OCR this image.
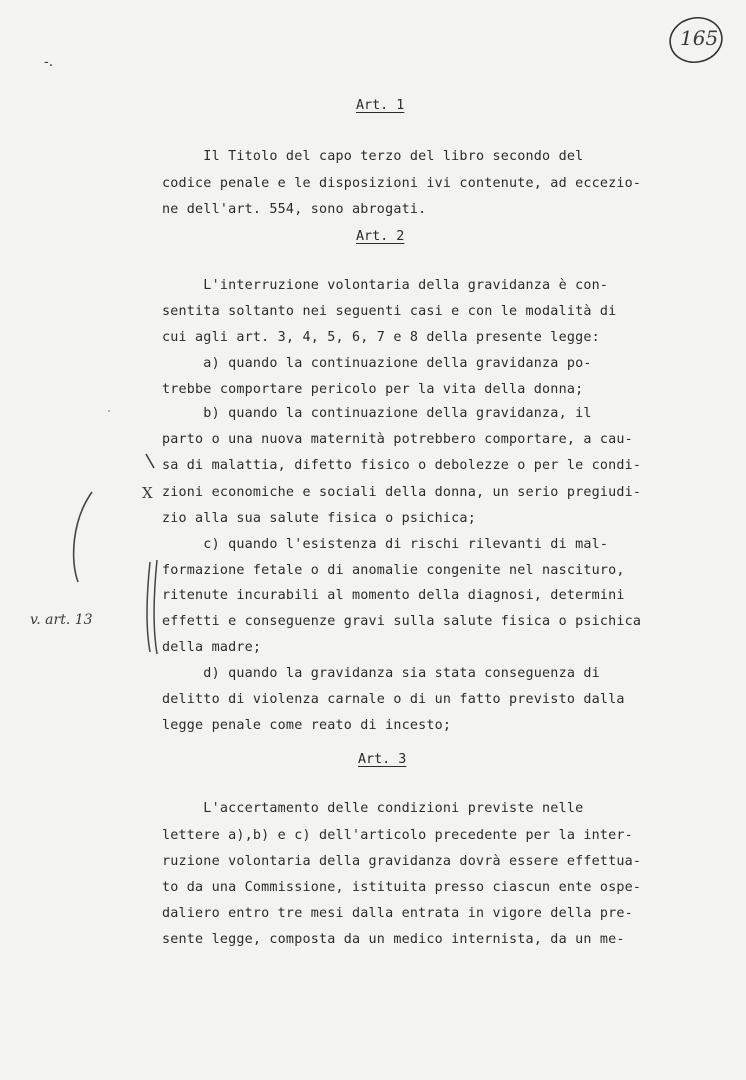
165
-.
X
v. art. 13
Art. 1
Il Titolo del capo terzo del libro secondo del
codice penale e le disposizioni ivi contenute, ad eccezio-
ne dell'art. 554, sono abrogati.
Art. 2
L'interruzione volontaria della gravidanza è con-
sentita soltanto nei seguenti casi e con le modalità di
cui agli art. 3, 4, 5, 6, 7 e 8 della presente legge:
a) quando la continuazione della gravidanza po-
trebbe comportare pericolo per la vita della donna;
b) quando la continuazione della gravidanza, il
parto o una nuova maternità potrebbero comportare, a cau-
sa di malattia, difetto fisico o debolezze o per le condi-
zioni economiche e sociali della donna, un serio pregiudi-
zio alla sua salute fisica o psichica;
c) quando l'esistenza di rischi rilevanti di mal-
formazione fetale o di anomalie congenite nel nascituro,
ritenute incurabili al momento della diagnosi, determini
effetti e conseguenze gravi sulla salute fisica o psichica
della madre;
d) quando la gravidanza sia stata conseguenza di
delitto di violenza carnale o di un fatto previsto dalla
legge penale come reato di incesto;
Art. 3
L'accertamento delle condizioni previste nelle
lettere a),b) e c) dell'articolo precedente per la inter-
ruzione volontaria della gravidanza dovrà essere effettua-
to da una Commissione, istituita presso ciascun ente ospe-
daliero entro tre mesi dalla entrata in vigore della pre-
sente legge, composta da un medico internista, da un me-
